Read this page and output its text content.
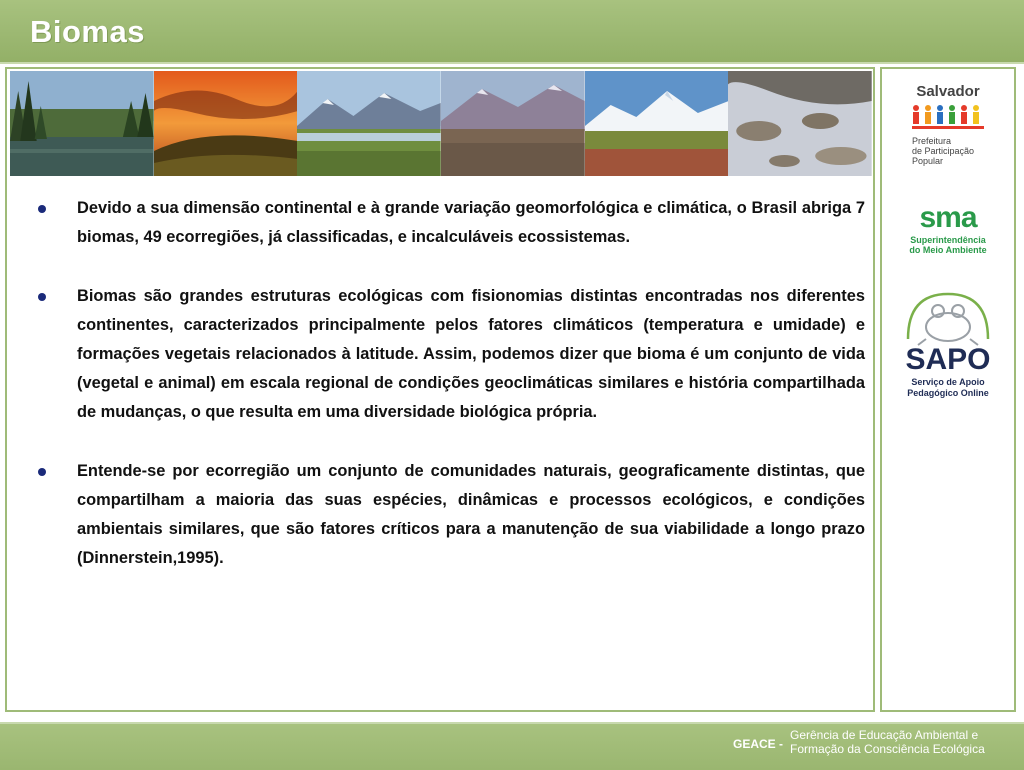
Biomas
Devido a sua dimensão continental e à grande variação geomorfológica e climática, o Brasil abriga 7 biomas, 49 ecorregiões, já classificadas, e incalculáveis ecossistemas.
Biomas são grandes estruturas ecológicas com fisionomias distintas encontradas nos diferentes continentes, caracterizados principalmente pelos fatores climáticos (temperatura e umidade) e formações vegetais relacionados à latitude. Assim, podemos dizer que bioma é um conjunto de vida (vegetal e animal) em escala regional de condições geoclimáticas similares e história compartilhada de mudanças, o que resulta em uma diversidade biológica própria.
Entende-se por ecorregião um conjunto de comunidades naturais, geograficamente distintas, que compartilham a maioria das suas espécies, dinâmicas e processos ecológicos, e condições ambientais similares, que são fatores críticos para a manutenção de sua viabilidade a longo prazo (Dinnerstein,1995).
Salvador
Prefeitura
de Participação
Popular
sma
Superintendência
do Meio Ambiente
SAPO
Serviço de Apoio
Pedagógico Online
GEACE -
Gerência de Educação Ambiental e
Formação da Consciência Ecológica
